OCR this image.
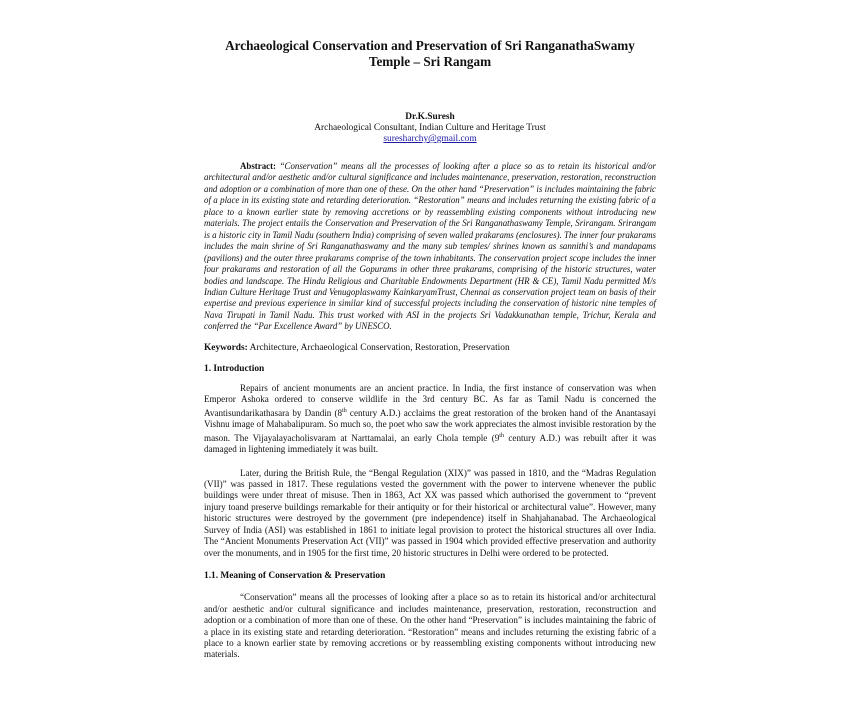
Archaeological Conservation and Preservation of Sri RanganathaSwamy Temple – Sri Rangam
Dr.K.Suresh
Archaeological Consultant, Indian Culture and Heritage Trust
suresharchy@gmail.com
Abstract: “Conservation” means all the processes of looking after a place so as to retain its historical and/or architectural and/or aesthetic and/or cultural significance and includes maintenance, preservation, restoration, reconstruction and adoption or a combination of more than one of these. On the other hand “Preservation” is includes maintaining the fabric of a place in its existing state and retarding deterioration. “Restoration” means and includes returning the existing fabric of a place to a known earlier state by removing accretions or by reassembling existing components without introducing new materials. The project entails the Conservation and Preservation of the Sri Ranganathaswamy Temple, Srirangam. Srirangam is a historic city in Tamil Nadu (southern India) comprising of seven walled prakarams (enclosures). The inner four prakarams includes the main shrine of Sri Ranganathaswamy and the many sub temples/ shrines known as sannithi’s and mandapams (pavilions) and the outer three prakarams comprise of the town inhabitants. The conservation project scope includes the inner four prakarams and restoration of all the Gopurams in other three prakarams, comprising of the historic structures, water bodies and landscape. The Hindu Religious and Charitable Endowments Department (HR & CE), Tamil Nadu permitted M/s Indian Culture Heritage Trust and Venugoplaswamy KainkaryamTrust, Chennai as conservation project team on basis of their expertise and previous experience in similar kind of successful projects including the conservation of historic nine temples of Nava Tirupati in Tamil Nadu. This trust worked with ASI in the projects Sri Vadakkunathan temple, Trichur, Kerala and conferred the “Par Excellence Award” by UNESCO.
Keywords: Architecture, Archaeological Conservation, Restoration, Preservation
1. Introduction

Repairs of ancient monuments are an ancient practice. In India, the first instance of conservation was when Emperor Ashoka ordered to conserve wildlife in the 3rd century BC. As far as Tamil Nadu is concerned the Avantisundarikathasara by Dandin (8th century A.D.) acclaims the great restoration of the broken hand of the Anantasayi Vishnu image of Mahabalipuram. So much so, the poet who saw the work appreciates the almost invisible restoration by the mason. The Vijayalayacholisvaram at Narttamalai, an early Chola temple (9th century A.D.) was rebuilt after it was damaged in lightening immediately it was built.

Later, during the British Rule, the “Bengal Regulation (XIX)” was passed in 1810, and the “Madras Regulation (VII)” was passed in 1817. These regulations vested the government with the power to intervene whenever the public buildings were under threat of misuse. Then in 1863, Act XX was passed which authorised the government to “prevent injury toand preserve buildings remarkable for their antiquity or for their historical or architectural value”. However, many historic structures were destroyed by the government (pre independence) itself in Shahjahanabad. The Archaeological Survey of India (ASI) was established in 1861 to initiate legal provision to protect the historical structures all over India. The “Ancient Monuments Preservation Act (VII)” was passed in 1904 which provided effective preservation and authority over the monuments, and in 1905 for the first time, 20 historic structures in Delhi were ordered to be protected.

1.1. Meaning of Conservation & Preservation

“Conservation” means all the processes of looking after a place so as to retain its historical and/or architectural and/or aesthetic and/or cultural significance and includes maintenance, preservation, restoration, reconstruction and adoption or a combination of more than one of these. On the other hand “Preservation” is includes maintaining the fabric of a place in its existing state and retarding deterioration. “Restoration” means and includes returning the existing fabric of a place to a known earlier state by removing accretions or by reassembling existing components without introducing new materials.
